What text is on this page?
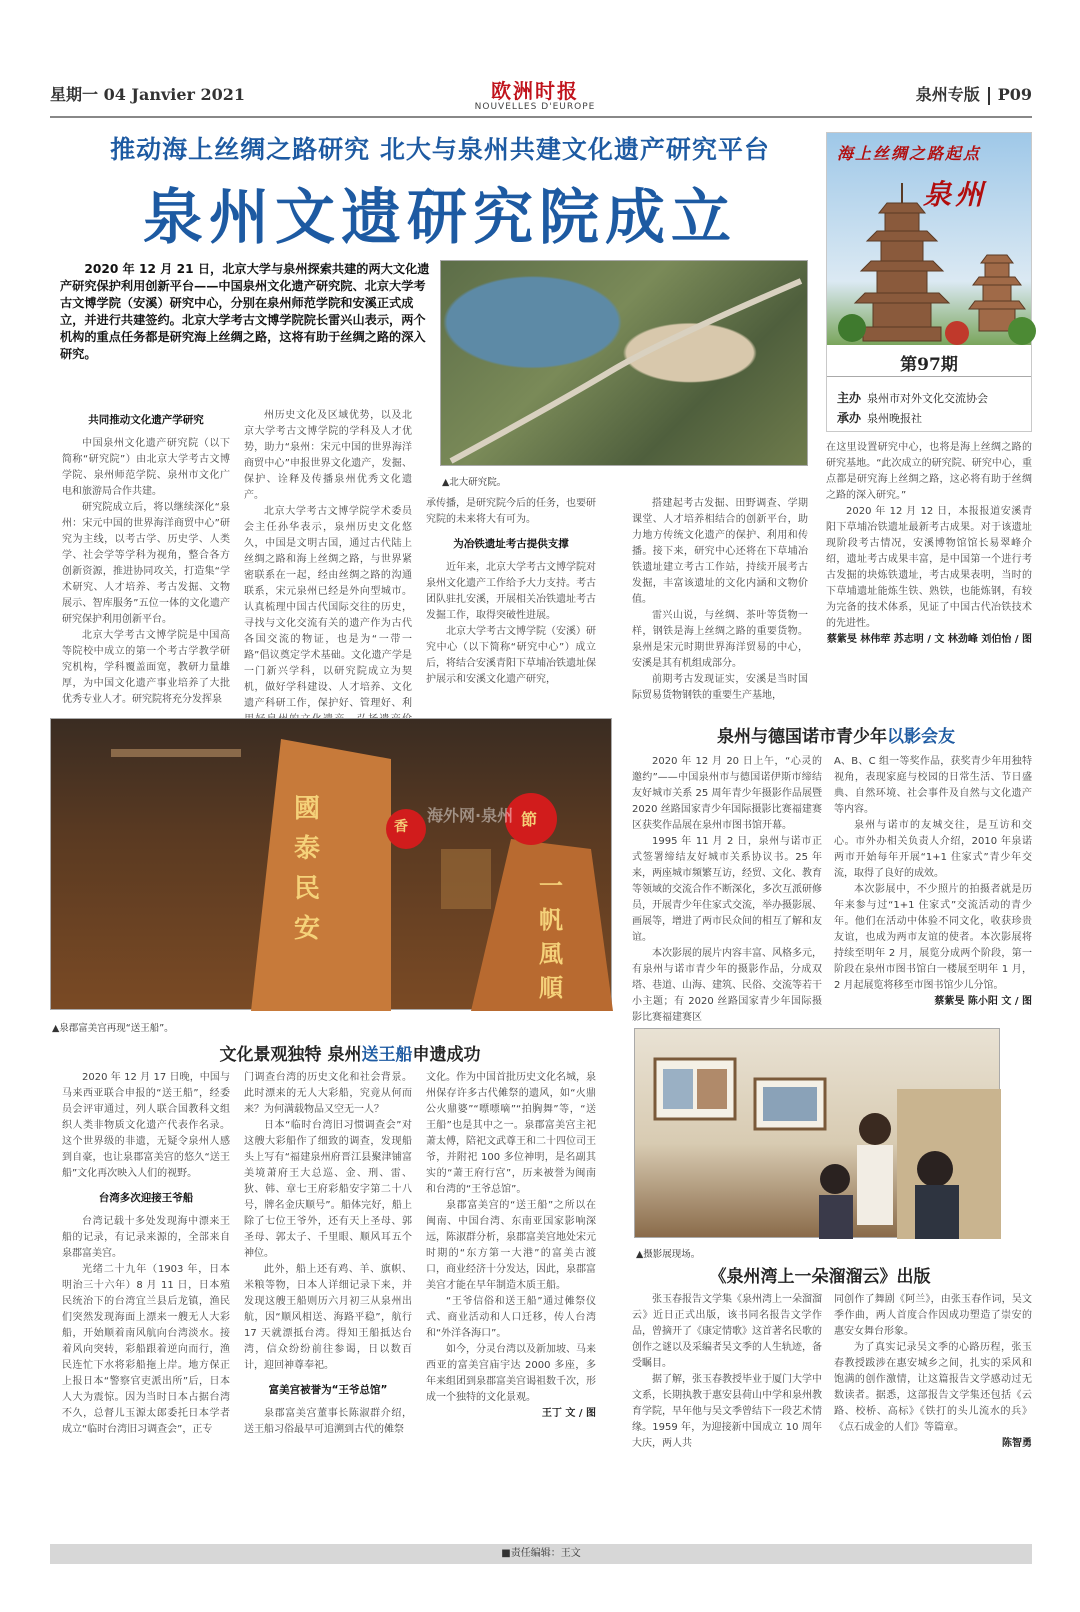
星期一 04 Janvier 2021	欧洲时报
NOUVELLES D'EUROPE
泉州专版 P09
推动海上丝绸之路研究 北大与泉州共建文化遗产研究平台
泉州文遗研究院成立
海上丝绸之路起点
泉州
第97期
主办 泉州市对外文化交流协会
承办 泉州晚报社
2020 年 12 月 21 日，北京大学与泉州探索共建的两大文化遗产研究保护利用创新平台——中国泉州文化遗产研究院、北京大学考古文博学院（安溪）研究中心，分别在泉州师范学院和安溪正式成立，并进行共建签约。北京大学考古文博学院院长雷兴山表示，两个机构的重点任务都是研究海上丝绸之路，这将有助于丝绸之路的深入研究。
▲北大研究院。

共同推动文化遗产学研究

中国泉州文化遗产研究院（以下简称“研究院”）由北京大学考古文博学院、泉州师范学院、泉州市文化广电和旅游局合作共建。

研究院成立后，将以继续深化“泉州：宋元中国的世界海洋商贸中心”研究为主线，以考古学、历史学、人类学、社会学等学科为视角，整合各方创新资源，推进协同攻关，打造集“学术研究、人才培养、考古发掘、文物展示、智库服务”五位一体的文化遗产研究保护利用创新平台。

北京大学考古文博学院是中国高等院校中成立的第一个考古学教学研究机构，学科覆盖面宽，教研力量雄厚，为中国文化遗产事业培养了大批优秀专业人才。研究院将充分发挥泉

州历史文化及区域优势，以及北京大学考古文博学院的学科及人才优势，助力“泉州：宋元中国的世界海洋商贸中心”申报世界文化遗产，发掘、保护、诠释及传播泉州优秀文化遗产。

北京大学考古文博学院学术委员会主任孙华表示，泉州历史文化悠久，中国是文明古国，通过古代陆上丝绸之路和海上丝绸之路，与世界紧密联系在一起，经由丝绸之路的沟通联系，宋元泉州已经是外向型城市。认真梳理中国古代国际交往的历史，寻找与文化交流有关的遗产作为古代各国交流的物证，也是为“一带一路”倡议奠定学术基础。文化遗产学是一门新兴学科，以研究院成立为契机，做好学科建设、人才培养、文化遗产科研工作，保护好、管理好、利

承传播，是研究院今后的任务，也要研究院的未来将大有可为。

为冶铁遗址考古提供支撑

近年来，北京大学考古文博学院对泉州文化遗产工作给予大力支持。考古团队驻扎安溪，开展相关冶铁遗址考古发掘工作，取得突破性进展。

北京大学考古文博学院（安溪）研究中心（以下简称“研究中心”）成立后，将结合安溪青阳下草埔冶铁遗址保护展示和安溪文化遗产研究，

搭建起考古发掘、田野调查、学期课堂、人才培养相结合的创新平台，助力地方传统文化遗产的保护、利用和传播。接下来，研究中心还将在下草埔冶铁遗址建立考古工作站，持续开展考古发掘，丰富该遗址的文化内涵和文物价值。

雷兴山说，与丝绸、茶叶等货物一样，钢铁是海上丝绸之路的重要货物。泉州是宋元时期世界海洋贸易的中心，安溪是其有机组成部分。

前期考古发现证实，安溪是当时国际贸易货物钢铁的重要生产基地，

在这里设置研究中心，也将是海上丝绸之路的研究基地。“此次成立的研究院、研究中心，重点都是研究海上丝绸之路，这必将有助于丝绸之路的深入研究。”

2020 年 12 月 12 日，本报报道安溪青阳下草埔冶铁遗址最新考古成果。对于该遗址现阶段考古情况，安溪博物馆馆长易翠峰介绍，遗址考古成果丰富，是中国第一个进行考古发掘的块炼铁遗址，考古成果表明，当时的下草埔遗址能炼生铁、熟铁，也能炼钢，有较为完备的技术体系，见证了中国古代冶铁技术的先进性。

蔡紫旻 林伟荦 苏志明 / 文 林劲峰 刘伯怡 / 图

國泰民安
一帆風順
香	節
海外网·泉州
▲泉郡富美宫再现“送王船”。
文化景观独特 泉州送王船申遗成功

2020 年 12 月 17 日晚，中国与马来西亚联合申报的“送王船”，经委员会评审通过，列人联合国教科文组织人类非物质文化遗产代表作名录。这个世界级的非遗，无疑令泉州人感到自豪，也让泉郡富美宫的悠久“送王船”文化再次映入人们的视野。

台湾多次迎接王爷船

台湾记载十多处发现海中漂来王船的记录，有记录来源的，全部来自泉郡富美宫。

光绪二十九年（1903 年，日本明治三十六年）8 月 11 日，日本殖民统治下的台湾宜兰县后龙镇，渔民们突然发现海面上漂来一艘无人大彩船，开始顺着南风航向台湾淡水。接着风向突转，彩船跟着逆向而行，渔民连忙下水将彩船拖上岸。地方保正上报日本“警察官吏派出所”后，日本人大为震惊。因为当时日本占据台湾不久，总督儿玉源太郎委托日本学者成立“临时台湾旧习调查会”，正专

门调查台湾的历史文化和社会背景。此时漂来的无人大彩船，究竟从何而来？为何满载物品又空无一人？

日本“临时台湾旧习惯调查会”对这艘大彩船作了细致的调查，发现船头上写有“福建泉州府晋江县聚津铺富美境萧府王大总巡、金、刑、雷、狄、韩、章七王府彩船安字第二十八号，牌名金庆顺号”。船体完好，船上除了七位王爷外，还有天上圣母、郭圣母、郭太子、千里眼、顺风耳五个神位。

此外，船上还有鸡、羊、旗帜、米粮等物，日本人详细记录下来，并发现这艘王船则历六月初三从泉州出航，因“顺风相送、海路平稳”，航行 17 天就漂抵台湾。得知王船抵达台湾，信众纷纷前往参谒，日以数百计，迎回神尊奉祀。

富美宫被誉为“王爷总馆”

泉郡富美宫董事长陈淑群介绍，送王船习俗最早可追溯到古代的傩祭

文化。作为中国首批历史文化名城，泉州保存许多古代傩祭的遗风，如“火鼎公火鼎婆”“嘌嘌嘀”“拍胸舞”等，“送王船”也是其中之一。泉郡富美宫主祀萧太傅，陪祀文武尊王和二十四位司王爷，并附祀 100 多位神明，是名副其实的“萧王府行宫”，历来被誉为闽南和台湾的“王爷总馆”。

泉郡富美宫的“送王船”之所以在闽南、中国台湾、东南亚国家影响深远，陈淑群分析，泉郡富美宫地处宋元时期的“东方第一大港”的富美古渡口，商业经济十分发达，因此，泉郡富美宫才能在早年制造木质王船。

“王爷信俗和送王船”通过傩祭仪式、商业活动和人口迁移，传人台湾和“外洋各海口”。

如今，分灵台湾以及新加坡、马来西亚的富美宫庙宇达 2000 多座，多年来组团到泉郡富美宫谒祖数千次，形成一个独特的文化景观。

王丁 文 / 图

泉州与德国诺市青少年以影会友

2020 年 12 月 20 日上午，“心灵的邀约”——中国泉州市与德国诺伊斯市缔结友好城市关系 25 周年青少年摄影作品展暨 2020 丝路国家青少年国际摄影比赛福建赛区获奖作品展在泉州市图书馆开幕。

1995 年 11 月 2 日，泉州与诺市正式签署缔结友好城市关系协议书。25 年来，两座城市频繁互访，经贸、文化、教育等领域的交流合作不断深化，多次互派研修员，开展青少年住家式交流，举办摄影展、画展等，增进了两市民众间的相互了解和友谊。

本次影展的展片内容丰富、风格多元，有泉州与诺市青少年的摄影作品，分成双塔、巷道、山海、建筑、民俗、交流等若干小主题；有 2020 丝路国家青少年国际摄影比赛福建赛区

A、B、C 组一等奖作品，获奖青少年用独特视角，表现家庭与校园的日常生活、节日盛典、自然环境、社会事件及自然与文化遗产等内容。

泉州与诺市的友城交往，是互访和交心。市外办相关负责人介绍，2010 年泉诺两市开始每年开展“1+1 住家式”青少年交流，取得了良好的成效。

本次影展中，不少照片的拍摄者就是历年来参与过“1+1 住家式”交流活动的青少年。他们在活动中体验不同文化，收获珍贵友谊，也成为两市友谊的使者。本次影展将持续至明年 2 月，展览分成两个阶段，第一阶段在泉州市图书馆白一楼展至明年 1 月，2 月起展览将移至市图书馆少儿分馆。

蔡紫旻 陈小阳 文 / 图

▲摄影展现场。
《泉州湾上一朵溜溜云》出版

张玉春报告文学集《泉州湾上一朵溜溜云》近日正式出版，该书同名报告文学作品，曾摘开了《康定情歌》这首著名民歌的创作之谜以及采编者吴文季的人生轨迹，备受瞩目。

据了解，张玉春教授毕业于厦门大学中文系，长期执教于惠安县荷山中学和泉州教育学院，早年他与吴文季曾结下一段艺术情缘。1959 年，为迎接新中国成立 10 周年大庆，两人共

同创作了舞剧《阿兰》，由张玉春作词，吴文季作曲，两人首度合作因成功塑造了崇安的惠安女舞台形象。

为了真实记录吴文季的心路历程，张玉春教授跋涉在惠安城乡之间，扎实的采风和饱满的创作激情，让这篇报告文学感动过无数读者。据悉，这部报告文学集还包括《云路、校桥、高标》《铁打的头儿流水的兵》《点石成金的人们》等篇章。

陈智勇

■责任编辑：王文
